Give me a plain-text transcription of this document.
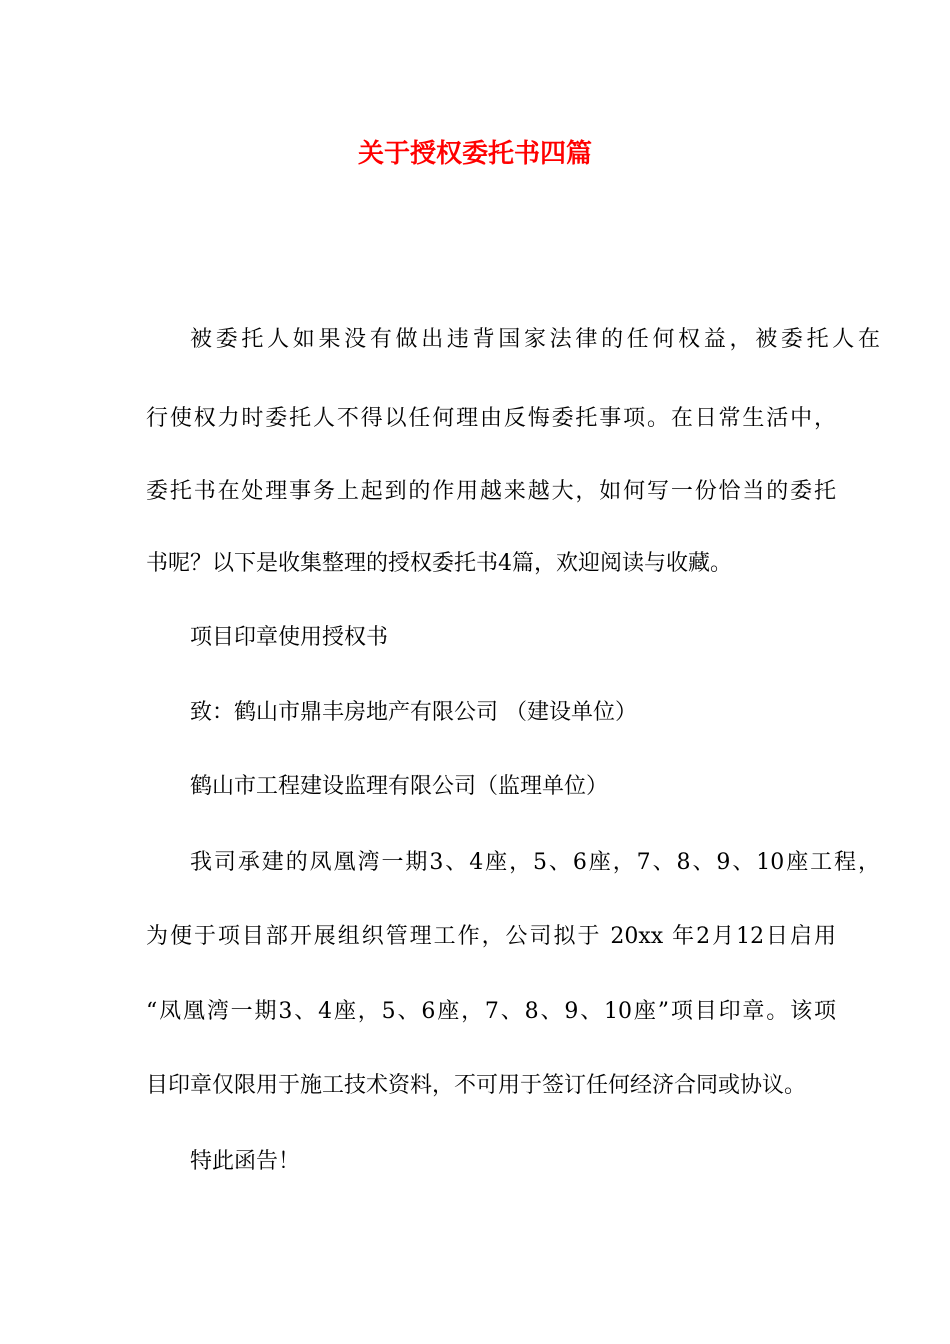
关于授权委托书四篇
被委托人如果没有做出违背国家法律的任何权益，被委托人在
行使权力时委托人不得以任何理由反悔委托事项。在日常生活中，
委托书在处理事务上起到的作用越来越大，如何写一份恰当的委托
书呢？以下是收集整理的授权委托书4篇，欢迎阅读与收藏。
项目印章使用授权书
致：鹤山市鼎丰房地产有限公司 （建设单位）
鹤山市工程建设监理有限公司（监理单位）
我司承建的凤凰湾一期3、4座，5、6座，7、8、9、10座工程，
为便于项目部开展组织管理工作，公司拟于 20xx 年2月12日启用
“凤凰湾一期3、4座，5、6座，7、8、9、10座”项目印章。该项
目印章仅限用于施工技术资料，不可用于签订任何经济合同或协议。
特此函告！
